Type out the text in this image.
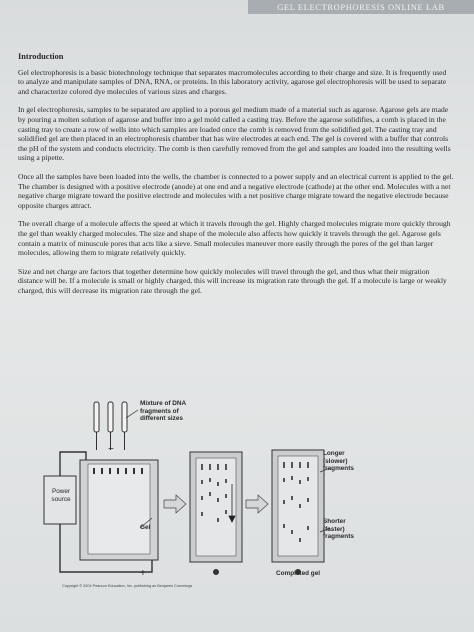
GEL ELECTROPHORESIS ONLINE LAB
Introduction

Gel electrophoresis is a basic biotechnology technique that separates macromolecules according to their charge and size. It is frequently used to analyze and manipulate samples of DNA, RNA, or proteins. In this laboratory activity, agarose gel electrophoresis will be used to separate and characterize colored dye molecules of various sizes and charges.

In gel electrophoresis, samples to be separated are applied to a porous gel medium made of a material such as agarose. Agarose gels are made by pouring a molten solution of agarose and buffer into a gel mold called a casting tray. Before the agarose solidifies, a comb is placed in the casting tray to create a row of wells into which samples are loaded once the comb is removed from the solidified gel. The casting tray and solidified gel are then placed in an electrophoresis chamber that has wire electrodes at each end. The gel is covered with a buffer that controls the pH of the system and conducts electricity. The comb is then carefully removed from the gel and samples are loaded into the resulting wells using a pipette.

Once all the samples have been loaded into the wells, the chamber is connected to a power supply and an electrical current is applied to the gel. The chamber is designed with a positive electrode (anode) at one end and a negative electrode (cathode) at the other end. Molecules with a net negative charge migrate toward the positive electrode and molecules with a net positive charge migrate toward the negative electrode because opposite charges attract.

The overall charge of a molecule affects the speed at which it travels through the gel. Highly charged molecules migrate more quickly through the gel than weakly charged molecules. The size and shape of the molecule also affects how quickly it travels through the gel. Agarose gels contain a matrix of minuscule pores that acts like a sieve. Small molecules maneuver more easily through the pores of the gel than larger molecules, allowing them to migrate relatively quickly.

Size and net charge are factors that together determine how quickly molecules will travel through the gel, and thus what their migration distance will be. If a molecule is small or highly charged, this will increase its migration rate through the gel. If a molecule is large or weakly charged, this will decrease its migration rate through the gel.

−
+
Mixture of DNA fragments of different sizes
Power source
Gel
Longer (slower) fragments
Shorter (faster) fragments
Completed gel
Copyright © 2004 Pearson Education, Inc. publishing as Benjamin Cummings
